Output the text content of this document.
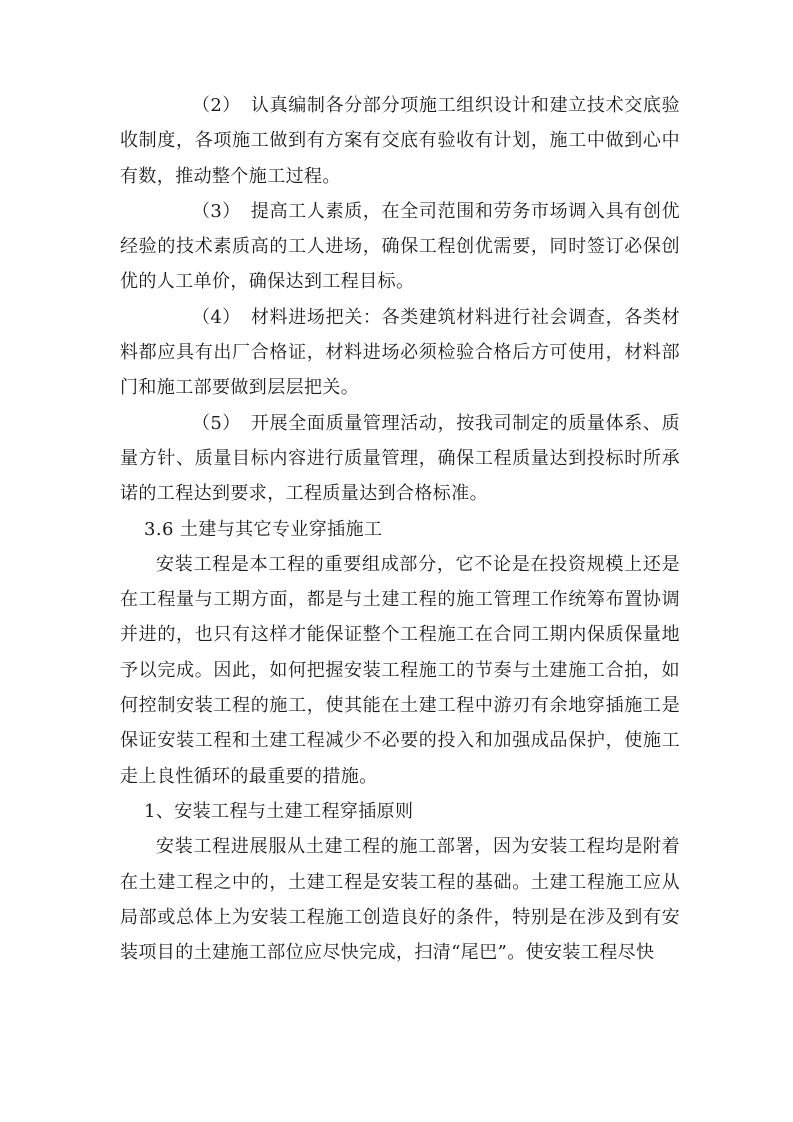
（2） 认真编制各分部分项施工组织设计和建立技术交底验收制度，各项施工做到有方案有交底有验收有计划，施工中做到心中有数，推动整个施工过程。

（3） 提高工人素质，在全司范围和劳务市场调入具有创优经验的技术素质高的工人进场，确保工程创优需要，同时签订必保创优的人工单价，确保达到工程目标。

（4） 材料进场把关：各类建筑材料进行社会调查，各类材料都应具有出厂合格证，材料进场必须检验合格后方可使用，材料部门和施工部要做到层层把关。

（5） 开展全面质量管理活动，按我司制定的质量体系、质量方针、质量目标内容进行质量管理，确保工程质量达到投标时所承诺的工程达到要求，工程质量达到合格标准。

3.6 土建与其它专业穿插施工

安装工程是本工程的重要组成部分，它不论是在投资规模上还是在工程量与工期方面，都是与土建工程的施工管理工作统筹布置协调并进的，也只有这样才能保证整个工程施工在合同工期内保质保量地予以完成。因此，如何把握安装工程施工的节奏与土建施工合拍，如何控制安装工程的施工，使其能在土建工程中游刃有余地穿插施工是保证安装工程和土建工程减少不必要的投入和加强成品保护，使施工走上良性循环的最重要的措施。

1、安装工程与土建工程穿插原则

安装工程进展服从土建工程的施工部署，因为安装工程均是附着在土建工程之中的，土建工程是安装工程的基础。土建工程施工应从局部或总体上为安装工程施工创造良好的条件，特别是在涉及到有安装项目的土建施工部位应尽快完成，扫清“尾巴”。使安装工程尽快
